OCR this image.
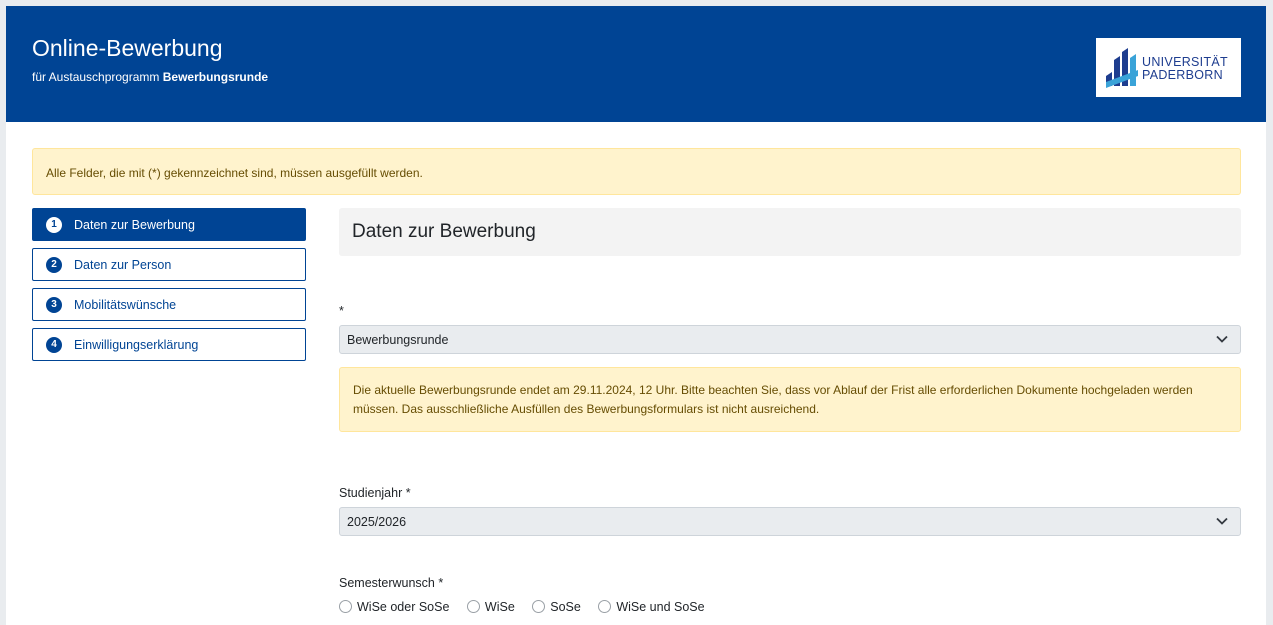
Online-Bewerbung
für Austauschprogramm Bewerbungsrunde
UNIVERSITÄT
PADERBORN
Alle Felder, die mit (*) gekennzeichnet sind, müssen ausgefüllt werden.
1	Daten zur Bewerbung
2	Daten zur Person
3	Mobilitätswünsche
4	Einwilligungserklärung
Daten zur Bewerbung
*
Bewerbungsrunde
Die aktuelle Bewerbungsrunde endet am 29.11.2024, 12 Uhr. Bitte beachten Sie, dass vor Ablauf der Frist alle erforderlichen Dokumente hochgeladen werden müssen. Das ausschließliche Ausfüllen des Bewerbungsformulars ist nicht ausreichend.
Studienjahr *
2025/2026
Semesterwunsch *
WiSe oder SoSe	WiSe	SoSe	WiSe und SoSe
